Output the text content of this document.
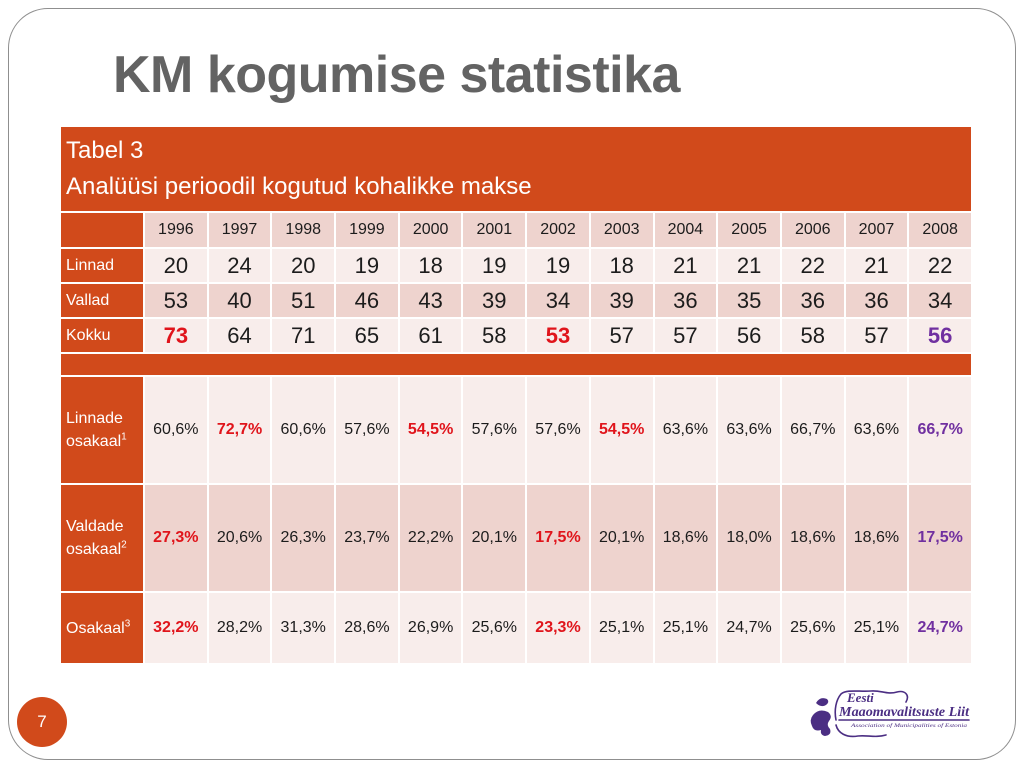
KM kogumise statistika
Tabel 3
Analüüsi perioodil kogutud kohalikke makse
1996	1997	1998	1999	2000	2001	2002	2003	2004	2005	2006	2007	2008
Linnad	20	24	20	19	18	19	19	18	21	21	22	21	22
Vallad	53	40	51	46	43	39	34	39	36	35	36	36	34
Kokku	73	64	71	65	61	58	53	57	57	56	58	57	56
Linnade osakaal$^1$	60,6%	72,7%	60,6%	57,6%	54,5%	57,6%	57,6%	54,5%	63,6%	63,6%	66,7%	63,6%	66,7%
Valdade osakaal$^2$	27,3%	20,6%	26,3%	23,7%	22,2%	20,1%	17,5%	20,1%	18,6%	18,0%	18,6%	18,6%	17,5%
Osakaal$^3$	32,2%	28,2%	31,3%	28,6%	26,9%	25,6%	23,3%	25,1%	25,1%	24,7%	25,6%	25,1%	24,7%
7
Eesti
Maaomavalitsuste Liit
Association of Municipalities of Estonia
